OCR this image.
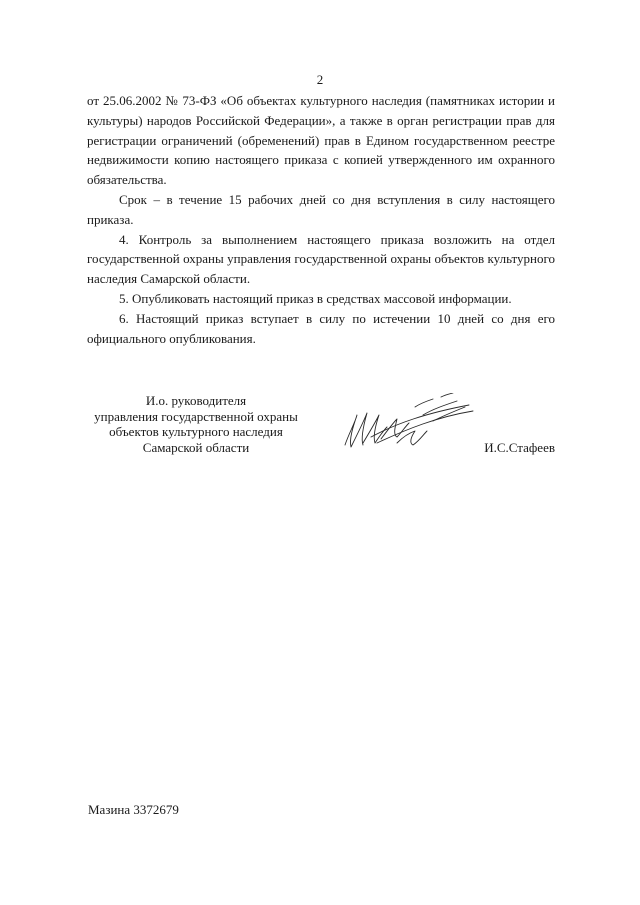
2

от 25.06.2002 № 73-ФЗ «Об объектах культурного наследия (памятниках истории и культуры) народов Российской Федерации», а также в орган регистрации прав для регистрации ограничений (обременений) прав в Едином государственном реестре недвижимости копию настоящего приказа с копией утвержденного им охранного обязательства.

Срок – в течение 15 рабочих дней со дня вступления в силу настоящего приказа.

4. Контроль за выполнением настоящего приказа возложить на отдел государственной охраны управления государственной охраны объектов культурного наследия Самарской области.

5. Опубликовать настоящий приказ в средствах массовой информации.

6. Настоящий приказ вступает в силу по истечении 10 дней со дня его официального опубликования.

И.о. руководителя
управления государственной охраны
объектов культурного наследия
Самарской области	И.С.Стафеев
Мазина 3372679
